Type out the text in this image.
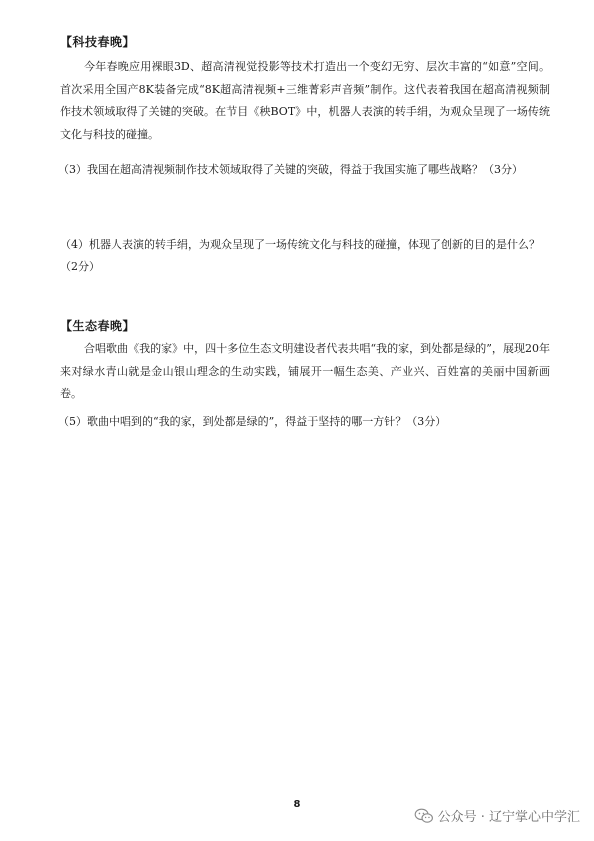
【科技春晚】
今年春晚应用裸眼3D、超高清视觉投影等技术打造出一个变幻无穷、层次丰富的“如意”空间。首次采用全国产8K装备完成“8K超高清视频+三维菁彩声音频”制作。这代表着我国在超高清视频制作技术领域取得了关键的突破。在节目《秧BOT》中，机器人表演的转手绢，为观众呈现了一场传统文化与科技的碰撞。
（3）我国在超高清视频制作技术领域取得了关键的突破，得益于我国实施了哪些战略？（3分）
（4）机器人表演的转手绢，为观众呈现了一场传统文化与科技的碰撞，体现了创新的目的是什么？（2分）
【生态春晚】
合唱歌曲《我的家》中，四十多位生态文明建设者代表共唱“我的家，到处都是绿的”，展现20年来对绿水青山就是金山银山理念的生动实践，铺展开一幅生态美、产业兴、百姓富的美丽中国新画卷。
（5）歌曲中唱到的“我的家，到处都是绿的”，得益于坚持的哪一方针？（3分）
8
公众号 · 辽宁掌心中学汇
